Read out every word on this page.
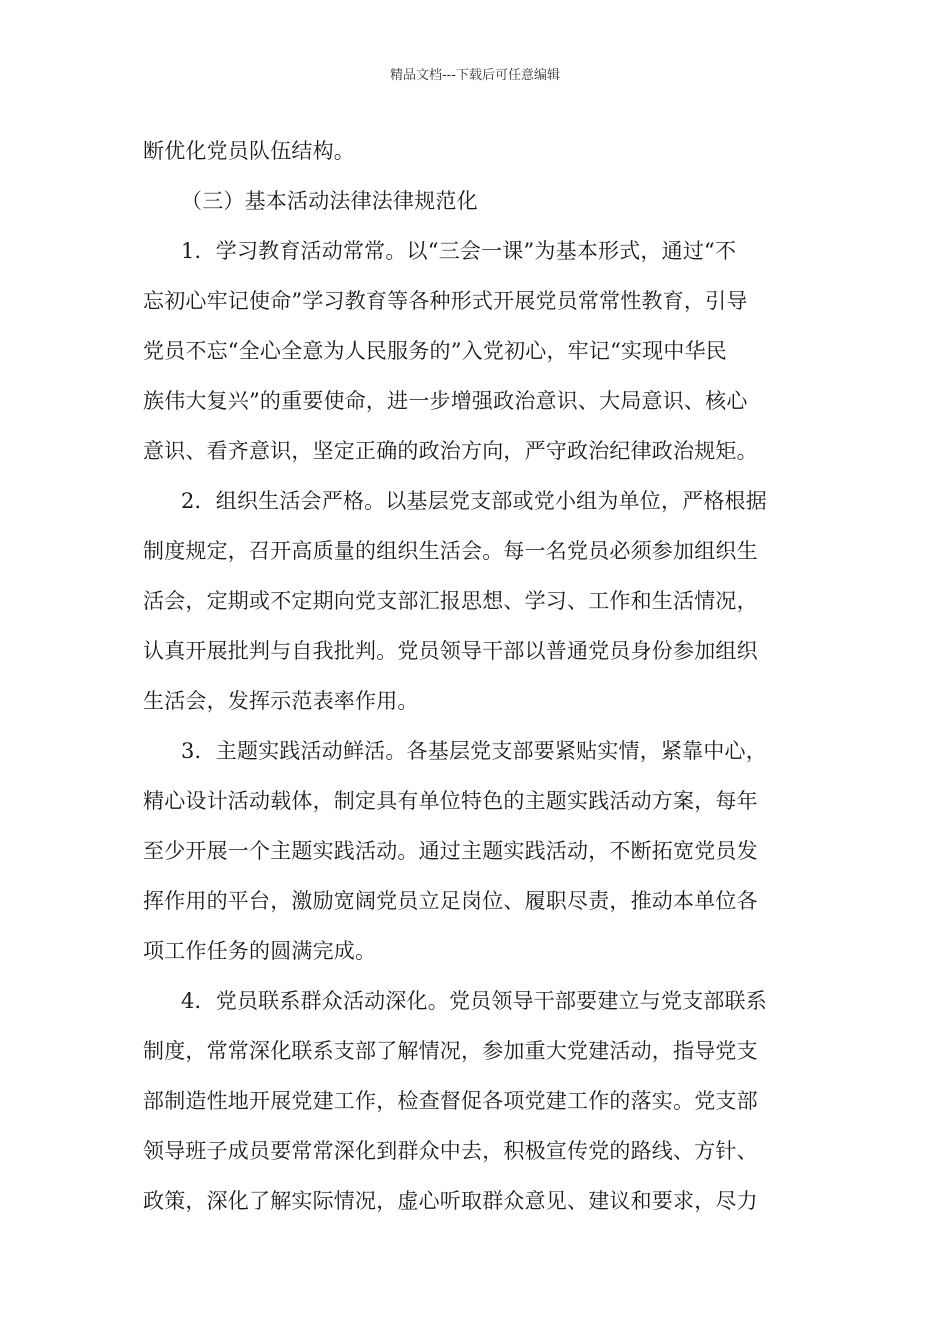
精品文档---下载后可任意编辑
断优化党员队伍结构。
（三）基本活动法律法律规范化
1．学习教育活动常常。以“三会一课”为基本形式，通过“不
忘初心牢记使命”学习教育等各种形式开展党员常常性教育，引导
党员不忘“全心全意为人民服务的”入党初心，牢记“实现中华民
族伟大复兴”的重要使命，进一步增强政治意识、大局意识、核心
意识、看齐意识，坚定正确的政治方向，严守政治纪律政治规矩。
2．组织生活会严格。以基层党支部或党小组为单位，严格根据
制度规定，召开高质量的组织生活会。每一名党员必须参加组织生
活会，定期或不定期向党支部汇报思想、学习、工作和生活情况，
认真开展批判与自我批判。党员领导干部以普通党员身份参加组织
生活会，发挥示范表率作用。
3．主题实践活动鲜活。各基层党支部要紧贴实情，紧靠中心，
精心设计活动载体，制定具有单位特色的主题实践活动方案，每年
至少开展一个主题实践活动。通过主题实践活动，不断拓宽党员发
挥作用的平台，激励宽阔党员立足岗位、履职尽责，推动本单位各
项工作任务的圆满完成。
4．党员联系群众活动深化。党员领导干部要建立与党支部联系
制度，常常深化联系支部了解情况，参加重大党建活动，指导党支
部制造性地开展党建工作，检查督促各项党建工作的落实。党支部
领导班子成员要常常深化到群众中去，积极宣传党的路线、方针、
政策，深化了解实际情况，虚心听取群众意见、建议和要求，尽力
